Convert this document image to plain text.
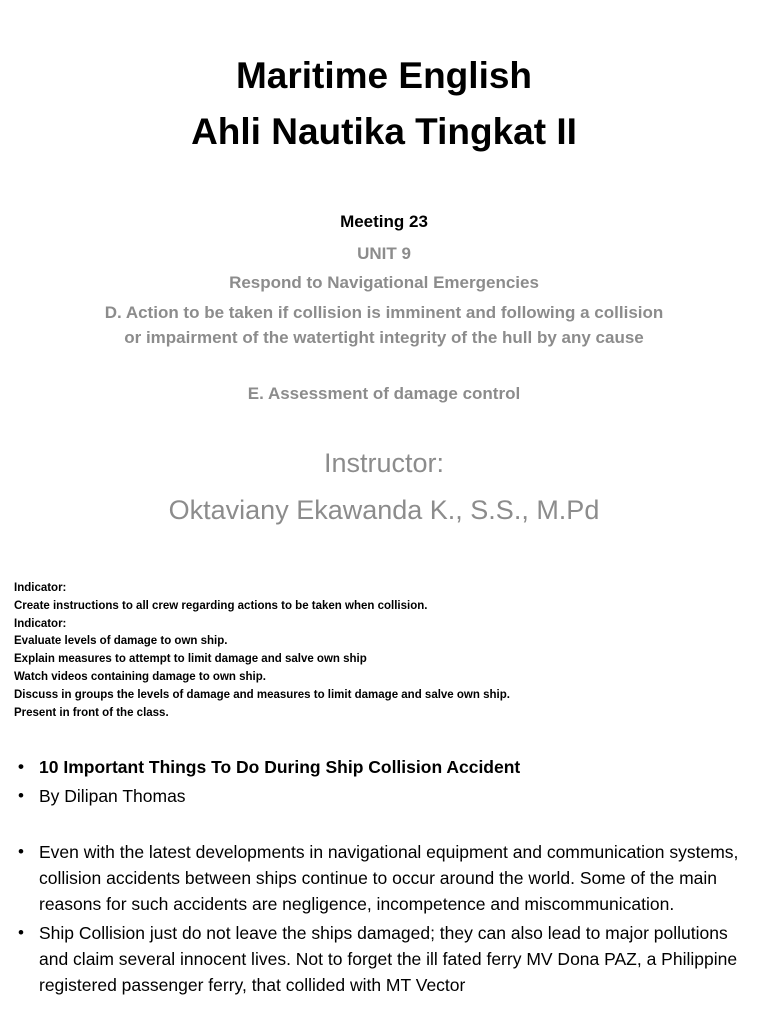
Maritime English
Ahli Nautika Tingkat II
Meeting 23
UNIT 9
Respond to Navigational Emergencies
D. Action to be taken if collision is imminent and following a collision or impairment of the watertight integrity of the hull by any cause
E. Assessment of damage control
Instructor:
Oktaviany Ekawanda K., S.S., M.Pd
Indicator:
Create instructions to all crew regarding actions to be taken when collision.
Indicator:
Evaluate levels of damage to own ship.
Explain measures to attempt to limit damage and salve own ship
Watch videos containing damage to own ship.
Discuss in groups the levels of damage and measures to limit damage and salve own ship.
Present in front of the class.
• 10 Important Things To Do During Ship Collision Accident
• By Dilipan Thomas
• Even with the latest developments in navigational equipment and communication systems, collision accidents between ships continue to occur around the world. Some of the main reasons for such accidents are negligence, incompetence and miscommunication.
• Ship Collision just do not leave the ships damaged; they can also lead to major pollutions and claim several innocent lives. Not to forget the ill fated ferry MV Dona PAZ, a Philippine registered passenger ferry, that collided with MT Vector
